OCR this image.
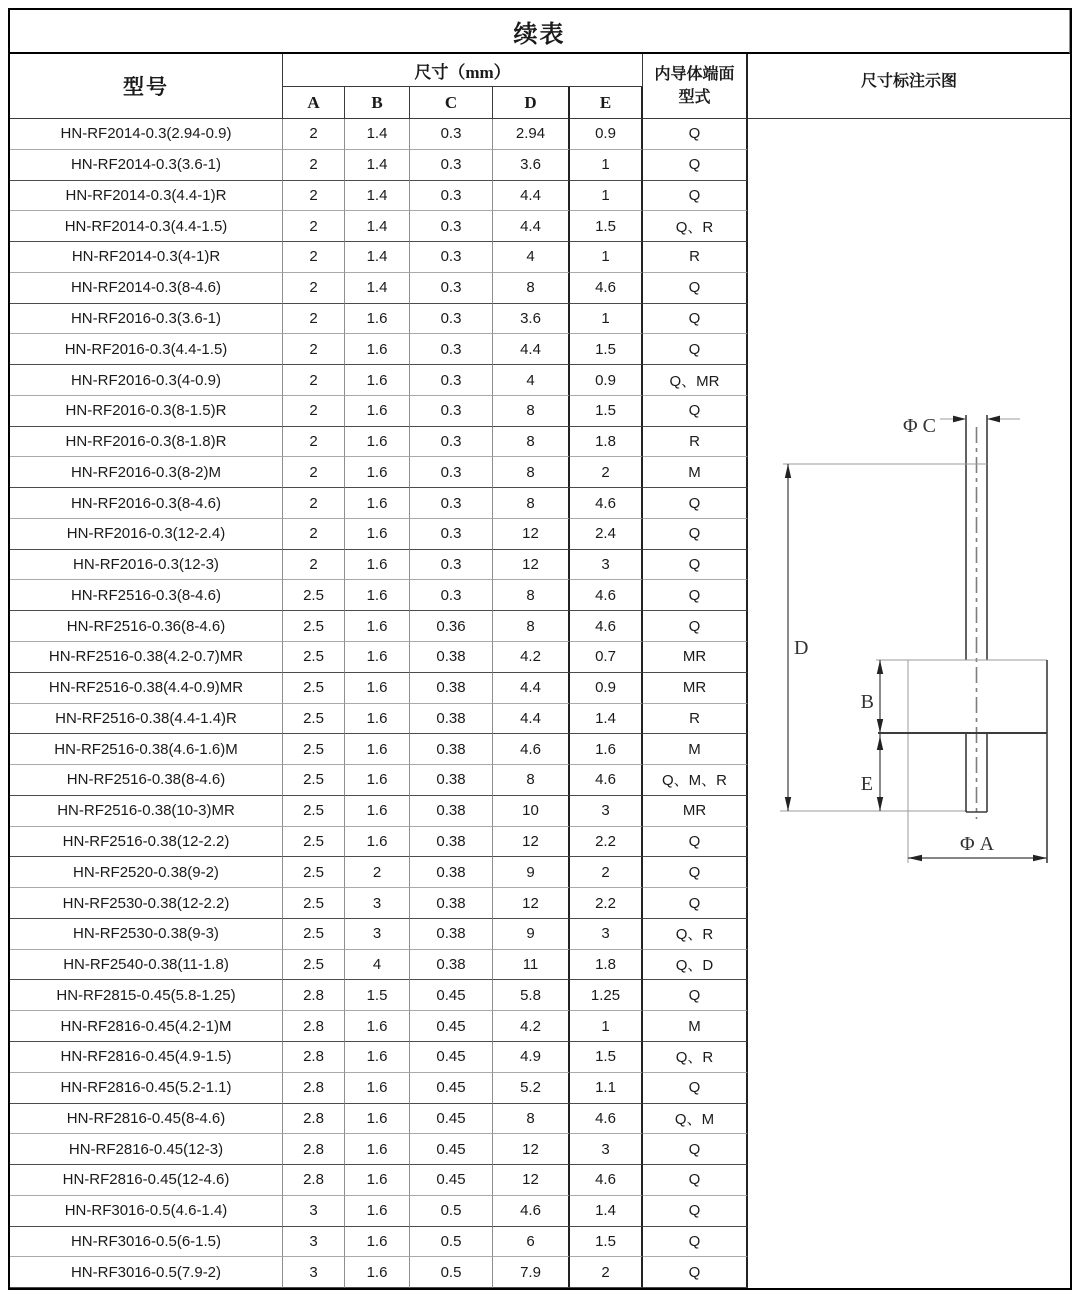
续表
型号
尺寸（mm）
A	B	C	D	E
内导体端面
型式
尺寸标注示图
Φ C
D
B
E
Φ A
HN-RF2014-0.3(2.94-0.9)	2	1.4	0.3	2.94	0.9	Q
HN-RF2014-0.3(3.6-1)	2	1.4	0.3	3.6	1	Q
HN-RF2014-0.3(4.4-1)R	2	1.4	0.3	4.4	1	Q
HN-RF2014-0.3(4.4-1.5)	2	1.4	0.3	4.4	1.5	Q、R
HN-RF2014-0.3(4-1)R	2	1.4	0.3	4	1	R
HN-RF2014-0.3(8-4.6)	2	1.4	0.3	8	4.6	Q
HN-RF2016-0.3(3.6-1)	2	1.6	0.3	3.6	1	Q
HN-RF2016-0.3(4.4-1.5)	2	1.6	0.3	4.4	1.5	Q
HN-RF2016-0.3(4-0.9)	2	1.6	0.3	4	0.9	Q、MR
HN-RF2016-0.3(8-1.5)R	2	1.6	0.3	8	1.5	Q
HN-RF2016-0.3(8-1.8)R	2	1.6	0.3	8	1.8	R
HN-RF2016-0.3(8-2)M	2	1.6	0.3	8	2	M
HN-RF2016-0.3(8-4.6)	2	1.6	0.3	8	4.6	Q
HN-RF2016-0.3(12-2.4)	2	1.6	0.3	12	2.4	Q
HN-RF2016-0.3(12-3)	2	1.6	0.3	12	3	Q
HN-RF2516-0.3(8-4.6)	2.5	1.6	0.3	8	4.6	Q
HN-RF2516-0.36(8-4.6)	2.5	1.6	0.36	8	4.6	Q
HN-RF2516-0.38(4.2-0.7)MR	2.5	1.6	0.38	4.2	0.7	MR
HN-RF2516-0.38(4.4-0.9)MR	2.5	1.6	0.38	4.4	0.9	MR
HN-RF2516-0.38(4.4-1.4)R	2.5	1.6	0.38	4.4	1.4	R
HN-RF2516-0.38(4.6-1.6)M	2.5	1.6	0.38	4.6	1.6	M
HN-RF2516-0.38(8-4.6)	2.5	1.6	0.38	8	4.6	Q、M、R
HN-RF2516-0.38(10-3)MR	2.5	1.6	0.38	10	3	MR
HN-RF2516-0.38(12-2.2)	2.5	1.6	0.38	12	2.2	Q
HN-RF2520-0.38(9-2)	2.5	2	0.38	9	2	Q
HN-RF2530-0.38(12-2.2)	2.5	3	0.38	12	2.2	Q
HN-RF2530-0.38(9-3)	2.5	3	0.38	9	3	Q、R
HN-RF2540-0.38(11-1.8)	2.5	4	0.38	11	1.8	Q、D
HN-RF2815-0.45(5.8-1.25)	2.8	1.5	0.45	5.8	1.25	Q
HN-RF2816-0.45(4.2-1)M	2.8	1.6	0.45	4.2	1	M
HN-RF2816-0.45(4.9-1.5)	2.8	1.6	0.45	4.9	1.5	Q、R
HN-RF2816-0.45(5.2-1.1)	2.8	1.6	0.45	5.2	1.1	Q
HN-RF2816-0.45(8-4.6)	2.8	1.6	0.45	8	4.6	Q、M
HN-RF2816-0.45(12-3)	2.8	1.6	0.45	12	3	Q
HN-RF2816-0.45(12-4.6)	2.8	1.6	0.45	12	4.6	Q
HN-RF3016-0.5(4.6-1.4)	3	1.6	0.5	4.6	1.4	Q
HN-RF3016-0.5(6-1.5)	3	1.6	0.5	6	1.5	Q
HN-RF3016-0.5(7.9-2)	3	1.6	0.5	7.9	2	Q
